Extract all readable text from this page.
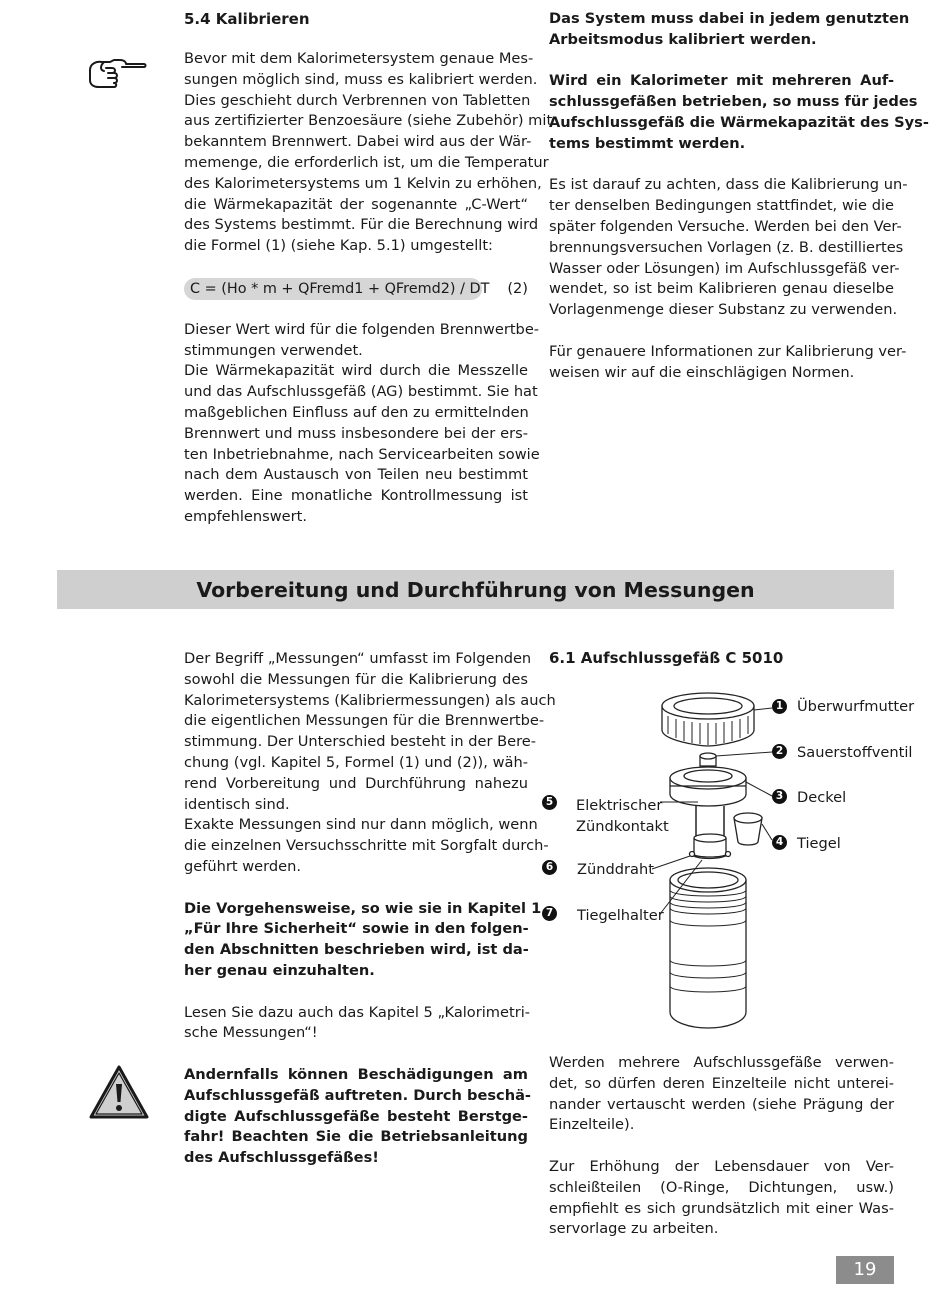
5.4 Kalibrieren

Bevor mit dem Kalorimetersystem genaue Mes-
sungen möglich sind, muss es kalibriert werden.
Dies geschieht durch Verbrennen von Tabletten
aus zertifizierter Benzoesäure (siehe Zubehör) mit
bekanntem Brennwert. Dabei wird aus der Wär-
memenge, die erforderlich ist, um die Temperatur
des Kalorimetersystems um 1 Kelvin zu erhöhen,
die Wärmekapazität der sogenannte „C-Wert“
des Systems bestimmt. Für die Berechnung wird
die Formel (1) (siehe Kap. 5.1) umgestellt:
C = (Ho * m + QFremd1 + QFremd2) / DT (2)
Dieser Wert wird für die folgenden Brennwertbe-
stimmungen verwendet.
Die Wärmekapazität wird durch die Messzelle
und das Aufschlussgefäß (AG) bestimmt. Sie hat
maßgeblichen Einfluss auf den zu ermittelnden
Brennwert und muss insbesondere bei der ers-
ten Inbetriebnahme, nach Servicearbeiten sowie
nach dem Austausch von Teilen neu bestimmt
werden. Eine monatliche Kontrollmessung ist
empfehlenswert.
Das System muss dabei in jedem genutzten
Arbeitsmodus kalibriert werden.
Wird ein Kalorimeter mit mehreren Auf-
schlussgefäßen betrieben, so muss für jedes
Aufschlussgefäß die Wärmekapazität des Sys-
tems bestimmt werden.
Es ist darauf zu achten, dass die Kalibrierung un-
ter denselben Bedingungen stattfindet, wie die
später folgenden Versuche. Werden bei den Ver-
brennungsversuchen Vorlagen (z. B. destilliertes
Wasser oder Lösungen) im Aufschlussgefäß ver-
wendet, so ist beim Kalibrieren genau dieselbe
Vorlagenmenge dieser Substanz zu verwenden.
Für genauere Informationen zur Kalibrierung ver-
weisen wir auf die einschlägigen Normen.
Vorbereitung und Durchführung von Messungen
Der Begriff „Messungen“ umfasst im Folgenden
sowohl die Messungen für die Kalibrierung des
Kalorimetersystems (Kalibriermessungen) als auch
die eigentlichen Messungen für die Brennwertbe-
stimmung. Der Unterschied besteht in der Bere-
chung (vgl. Kapitel 5, Formel (1) und (2)), wäh-
rend Vorbereitung und Durchführung nahezu
identisch sind.
Exakte Messungen sind nur dann möglich, wenn
die einzelnen Versuchsschritte mit Sorgfalt durch-
geführt werden.
Die Vorgehensweise, so wie sie in Kapitel 1
„Für Ihre Sicherheit“ sowie in den folgen-
den Abschnitten beschrieben wird, ist da-
her genau einzuhalten.
Lesen Sie dazu auch das Kapitel 5 „Kalorimetri-
sche Messungen“!
Andernfalls können Beschädigungen am
Aufschlussgefäß auftreten. Durch beschä-
digte Aufschlussgefäße besteht Berstge-
fahr! Beachten Sie die Betriebsanleitung
des Aufschlussgefäßes!

6.1 Aufschlussgefäß C 5010

1 Überwurfmutter
2 Sauerstoffventil
3 Deckel
4 Tiegel
5 Elektrischer
Zündkontakt
6 Zünddraht
7 Tiegelhalter
Werden mehrere Aufschlussgefäße verwen-
det, so dürfen deren Einzelteile nicht unterei-
nander vertauscht werden (siehe Prägung der
Einzelteile).
Zur Erhöhung der Lebensdauer von Ver-
schleißteilen (O-Ringe, Dichtungen, usw.)
empfiehlt es sich grundsätzlich mit einer Was-
servorlage zu arbeiten.
19
